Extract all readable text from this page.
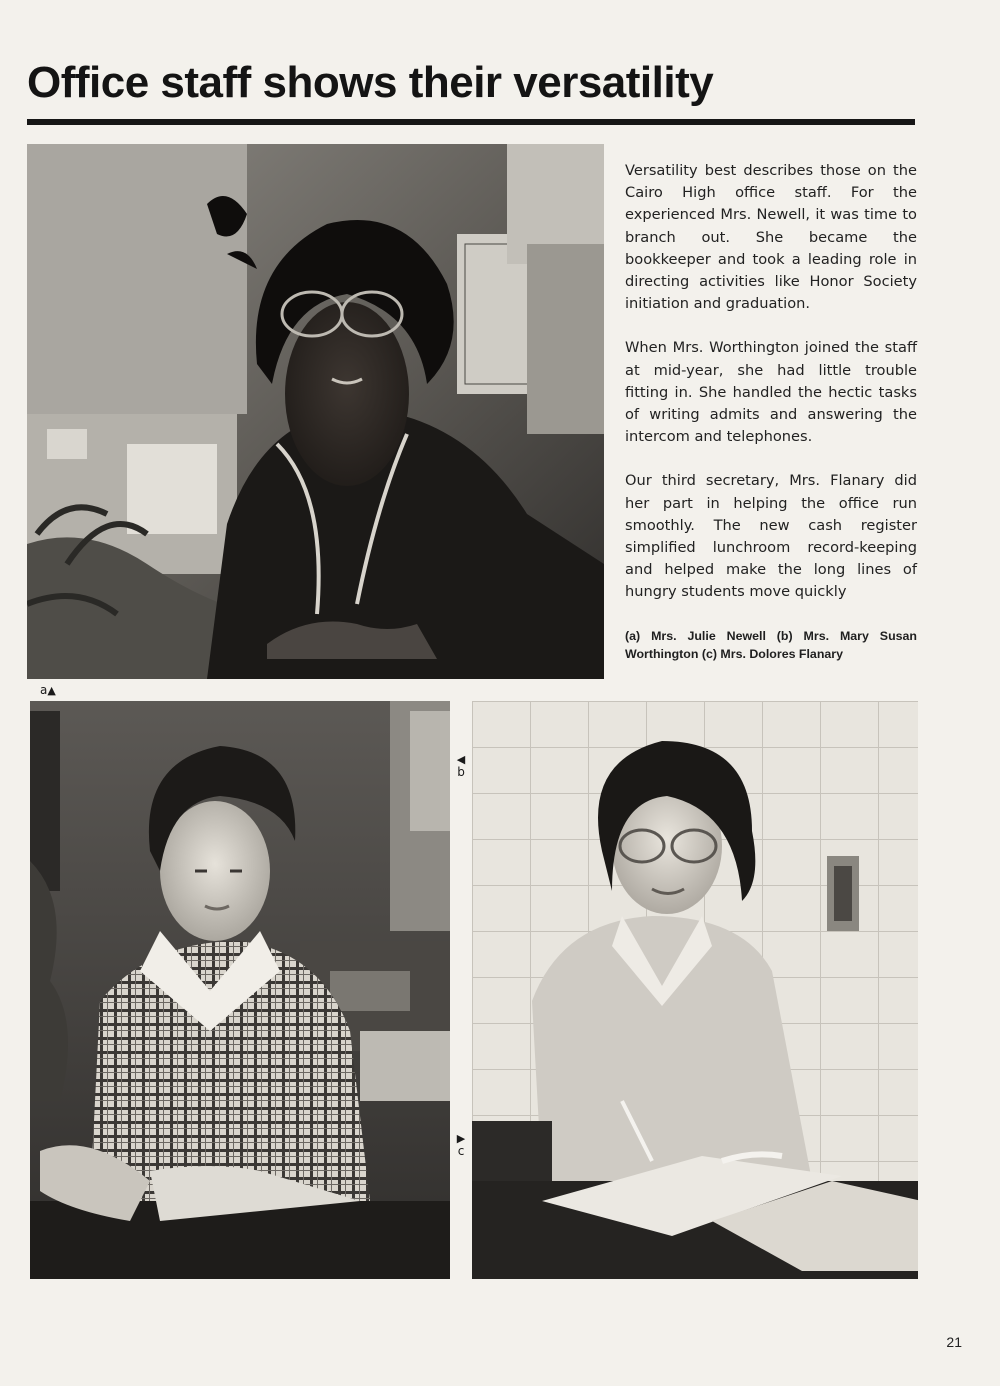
Office staff shows their versatility
a▲

Versatility best describes those on the Cairo High office staff. For the experienced Mrs. Newell, it was time to branch out. She became the bookkeeper and took a leading role in directing activities like Honor Society initiation and graduation.

When Mrs. Worthington joined the staff at mid-year, she had little trouble fitting in. She handled the hectic tasks of writing admits and answering the intercom and telephones.

Our third secretary, Mrs. Flanary did her part in helping the office run smoothly. The new cash register simplified lunchroom record-keeping and helped make the long lines of hungry students move quickly

(a) Mrs. Julie Newell (b) Mrs. Mary Susan Worthington (c) Mrs. Dolores Flanary
◀
b
▶
c
21
